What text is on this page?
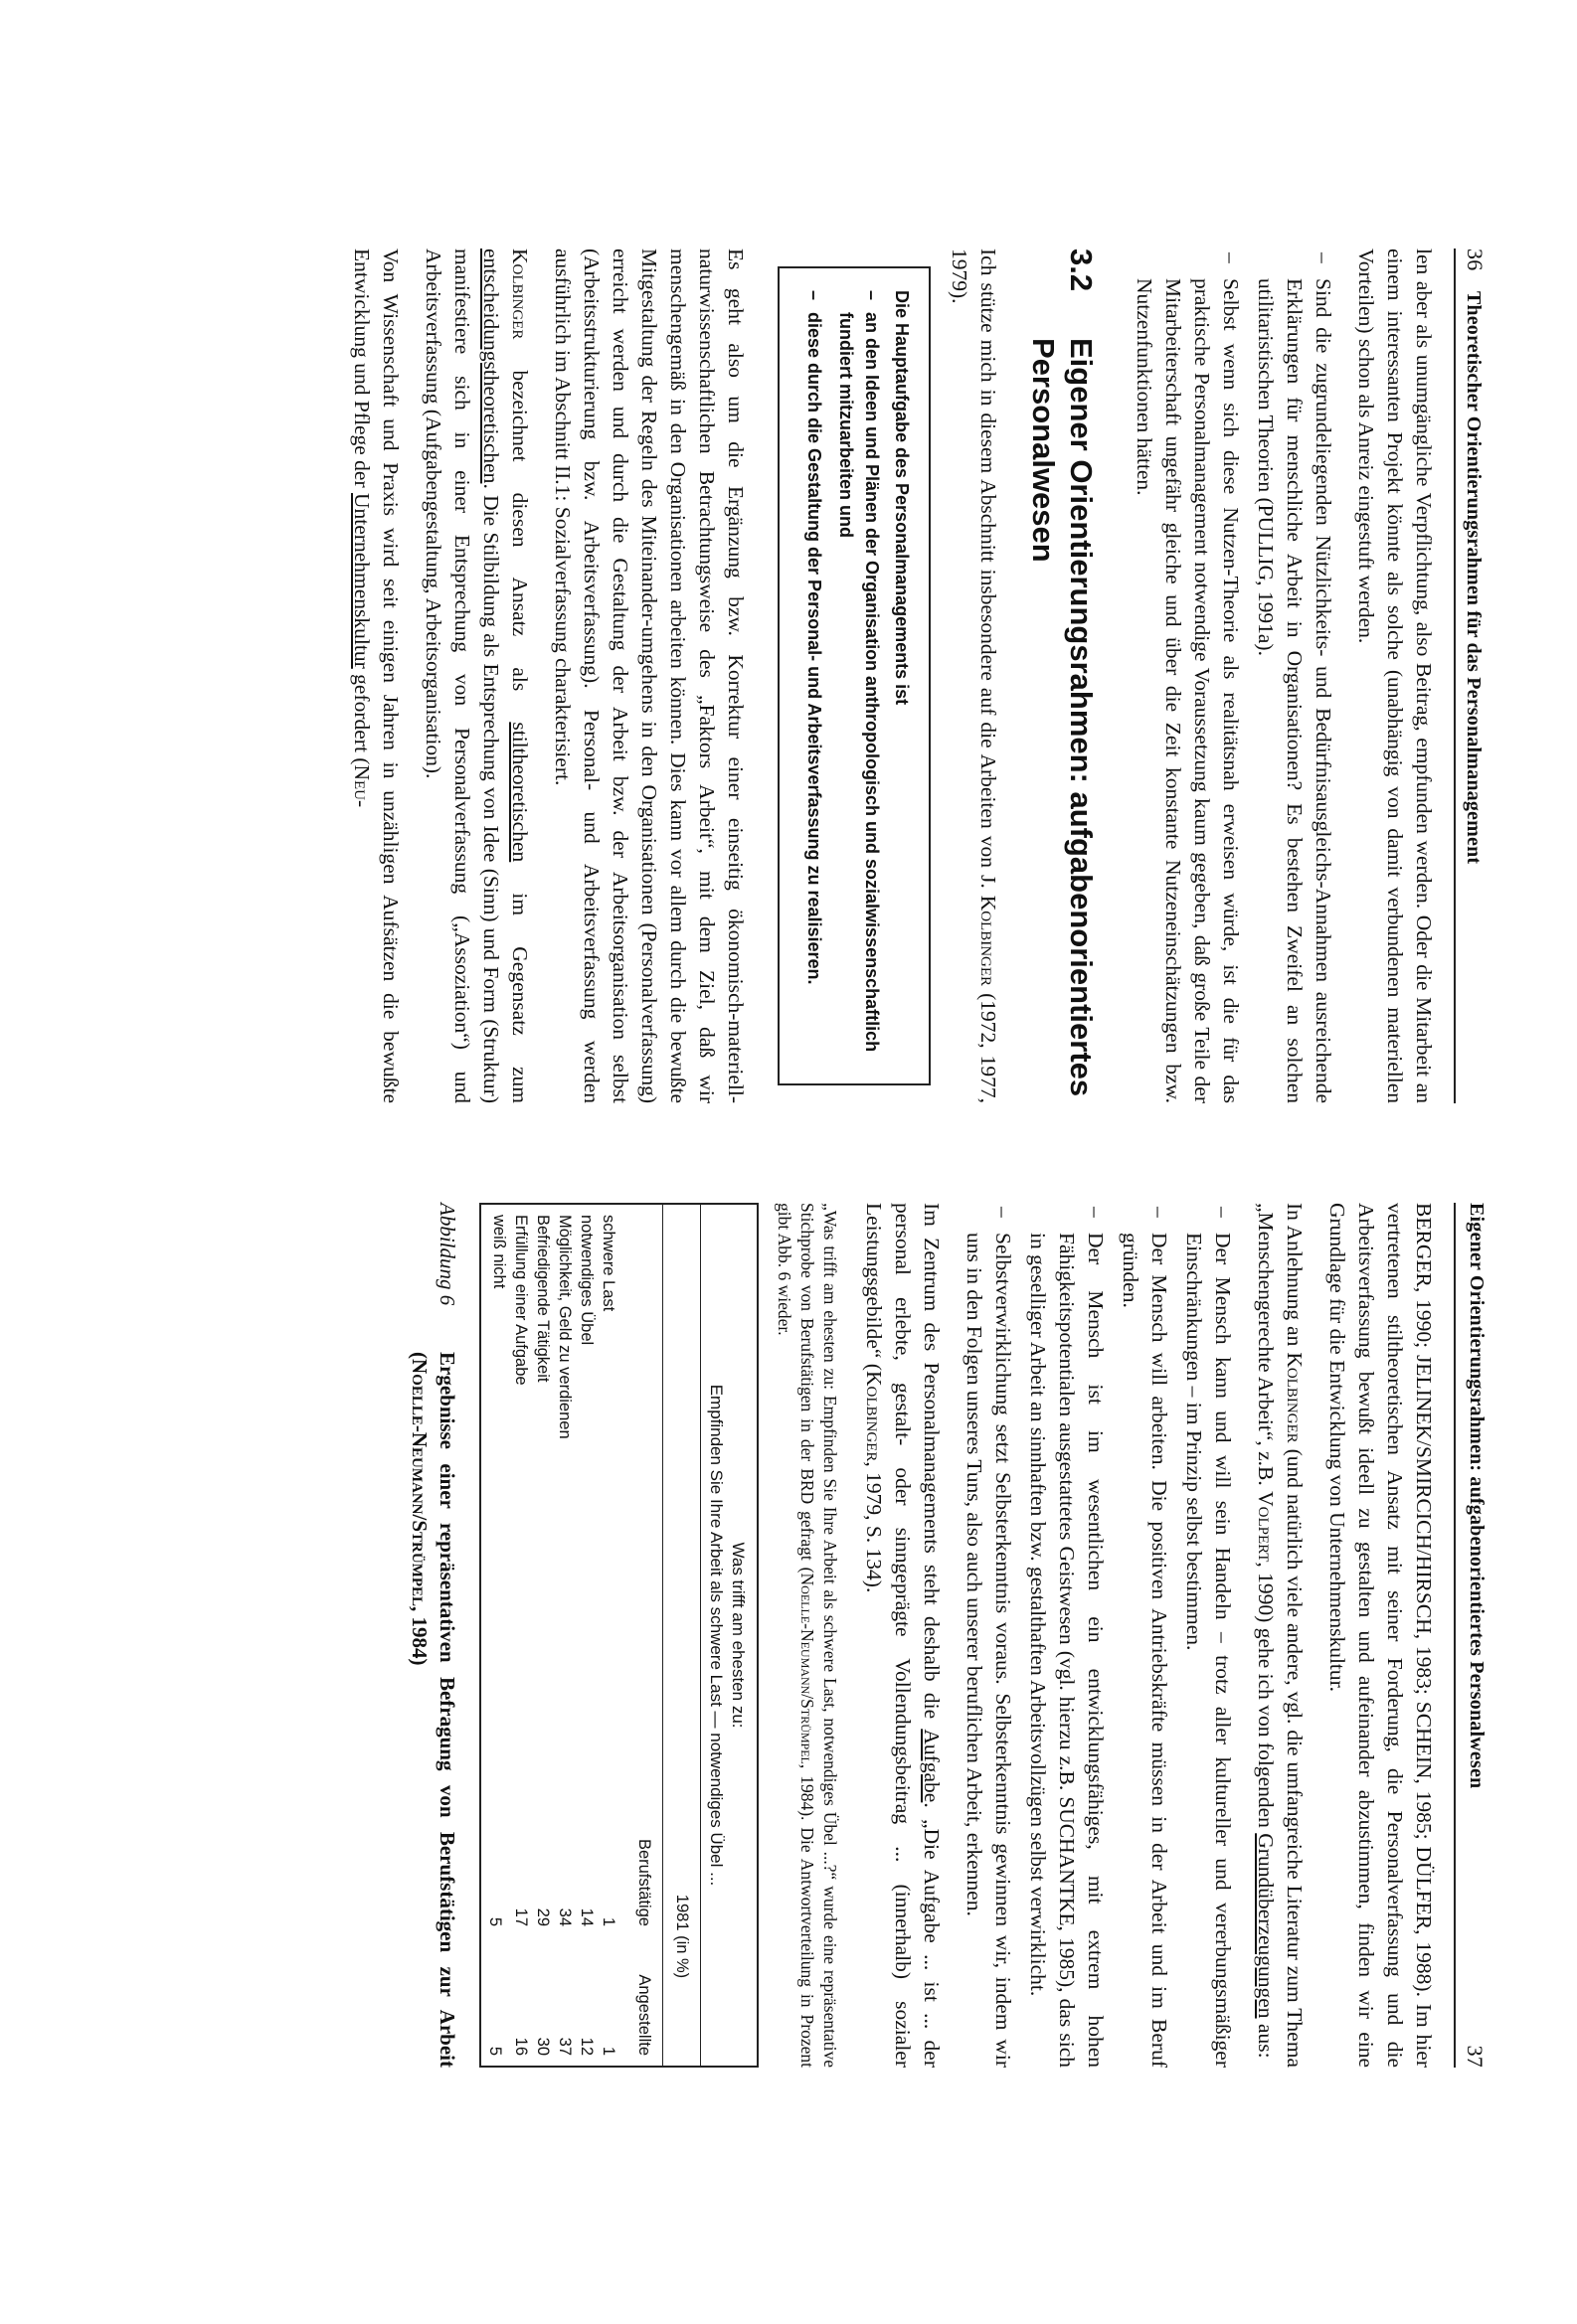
36    Theoretischer Orientierungsrahmen für das Personalmanagement

len aber als unumgängliche Verpflichtung, also Beitrag, empfunden werden. Oder die Mitarbeit an einem interessanten Projekt könnte als solche (unabhängig von damit verbundenen materiellen Vorteilen) schon als Anreiz eingestuft werden.

– Sind die zugrundeliegenden Nützlichkeits- und Bedürfnisausgleichs-Annahmen ausreichende Erklärungen für menschliche Arbeit in Organisationen? Es bestehen Zweifel an solchen utilitaristischen Theorien (PULLIG, 1991a).
– Selbst wenn sich diese Nutzen-Theorie als realitätsnah erweisen würde, ist die für das praktische Personalmanagement notwendige Voraussetzung kaum gegeben, daß große Teile der Mitarbeiterschaft ungefähr gleiche und über die Zeit konstante Nutzeneinschätzungen bzw. Nutzenfunktionen hätten.
3.2
Eigener Orientierungsrahmen: aufgabenorientiertes Personalwesen

Ich stütze mich in diesem Abschnitt insbesondere auf die Arbeiten von J. Kolbinger (1972, 1977, 1979).

Die Hauptaufgabe des Personalmanagements ist
– an den Ideen und Plänen der Organisation anthropologisch und sozialwissenschaftlich fundiert mitzuarbeiten und
– diese durch die Gestaltung der Personal- und Arbeitsverfassung zu realisieren.

Es geht also um die Ergänzung bzw. Korrektur einer einseitig ökonomisch-materiell-naturwissenschaftlichen Betrachtungsweise des „Faktors Arbeit“, mit dem Ziel, daß wir menschengemäß in den Organisationen arbeiten können. Dies kann vor allem durch die bewußte Mitgestaltung der Regeln des Miteinander-umgehens in den Organisationen (Personalverfassung) erreicht werden und durch die Gestaltung der Arbeit bzw. der Arbeitsorganisation selbst (Arbeitsstrukturierung bzw. Arbeitsverfassung). Personal- und Arbeitsverfassung werden ausführlich im Abschnitt II.1: Sozialverfassung charakterisiert.

Kolbinger bezeichnet diesen Ansatz als stiltheoretischen im Gegensatz zum entscheidungstheoretischen. Die Stilbildung als Entsprechung von Idee (Sinn) und Form (Struktur) manifestiere sich in einer Entsprechung von Personalverfassung („Assoziation“) und Arbeitsverfassung (Aufgabengestaltung, Arbeitsorganisation).

Von Wissenschaft und Praxis wird seit einigen Jahren in unzähligen Aufsätzen die bewußte Entwicklung und Pflege der Unternehmenskultur gefordert (Neu-

Eigener Orientierungsrahmen: aufgabenorientiertes Personalwesen
37

BERGER, 1990; JELINEK/SMIRCICH/HIRSCH, 1983; SCHEIN, 1985; DÜLFER, 1988). Im hier vertretenen stiltheoretischen Ansatz mit seiner Forderung, die Personalverfassung und die Arbeitsverfassung bewußt ideell zu gestalten und aufeinander abzustimmen, finden wir eine Grundlage für die Entwicklung von Unternehmenskultur.

In Anlehnung an Kolbinger (und natürlich viele andere, vgl. die umfangreiche Literatur zum Thema „Menschengerechte Arbeit“, z.B. Volpert, 1990) gehe ich von folgenden Grundüberzeugungen aus:

– Der Mensch kann und will sein Handeln – trotz aller kultureller und vererbungsmäßiger Einschränkungen – im Prinzip selbst bestimmen.
– Der Mensch will arbeiten. Die positiven Antriebskräfte müssen in der Arbeit und im Beruf gründen.
– Der Mensch ist im wesentlichen ein entwicklungsfähiges, mit extrem hohen Fähigkeitspotentialen ausgestattetes Geistwesen (vgl. hierzu z.B. SUCHANTKE, 1985), das sich in geselliger Arbeit an sinnhaften bzw. gestalthaften Arbeitsvollzügen selbst verwirklicht.
– Selbstverwirklichung setzt Selbsterkenntnis voraus. Selbsterkenntnis gewinnen wir, indem wir uns in den Folgen unseres Tuns, also auch unserer beruflichen Arbeit, erkennen.

Im Zentrum des Personalmanagements steht deshalb die Aufgabe. „Die Aufgabe ... ist ... der personal erlebte, gestalt- oder sinngeprägte Vollendungsbeitrag ... (innerhalb) sozialer Leistungsgebilde“ (Kolbinger, 1979, S. 134).

„Was trifft am ehesten zu: Empfinden Sie Ihre Arbeit als schwere Last, notwendiges Übel ...?“ wurde eine repräsentative Stichprobe von Berufstätigen in der BRD gefragt (Noelle-Neumann/Strümpel, 1984). Die Antwortverteilung in Prozent gibt Abb. 6 wieder.

Was trifft am ehesten zu:
Empfinden Sie Ihre Arbeit als schwere Last — notwendiges Übel ...
	1981 (in %)	
	Berufstätige	Angestellte
schwere Last	1	1
notwendiges Übel	14	12
Möglichkeit, Geld zu verdienen	34	37
Befriedigende Tätigkeit	29	30
Erfüllung einer Aufgabe	17	16
weiß nicht	5	5
Abbildung 6
Ergebnisse einer repräsentativen Befragung von Berufstätigen zur Arbeit (Noelle-Neumann/Strümpel, 1984)
